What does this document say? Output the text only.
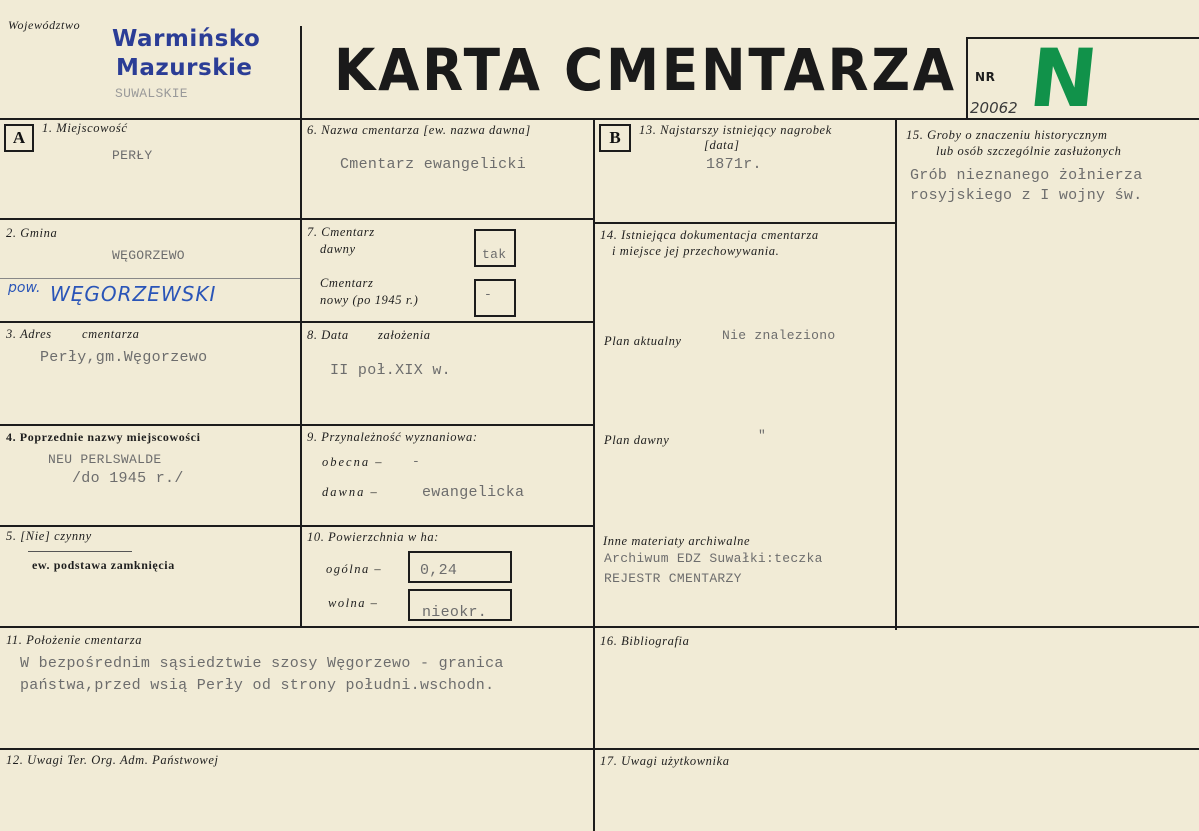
Województwo
Warmińsko
Mazurskie
SUWALSKIE	KARTA CMENTARZA NR N
20062
A	B
1. Miejscowość
PERŁY
2. Gmina
WĘGORZEWO
pow. WĘGORZEWSKI
3. Adres cmentarza
Perły,gm.Węgorzewo
4. Poprzednie nazwy miejscowości
NEU PERLSWALDE
/do 1945 r./
5. [Nie] czynny
ew. podstawa zamknięcia
6. Nazwa cmentarza [ew. nazwa dawna]
Cmentarz ewangelicki
7. Cmentarz
dawny
Cmentarz
nowy (po 1945 r.)
tak
-
8. Data założenia
II poł.XIX w.
9. Przynależność wyznaniowa:
obecna – -
dawna –	ewangelicka
10. Powierzchnia w ha:
ogólna –	0,24
wolna –
nieokr.
11. Położenie cmentarza
W bezpośrednim sąsiedztwie szosy Węgorzewo - granica
państwa,przed wsią Perły od strony południ.wschodn.
12. Uwagi Ter. Org. Adm. Państwowej
13. Najstarszy istniejący nagrobek
[data]
1871r.
14. Istniejąca dokumentacja cmentarza
i miejsce jej przechowywania.
Plan aktualny	Nie znaleziono
Plan dawny	"
Inne materiaty archiwalne
Archiwum EDZ Suwałki:teczka
REJESTR CMENTARZY
15. Groby o znaczeniu historycznym
lub osób szczególnie zasłużonych
Grób nieznanego żołnierza
rosyjskiego z I wojny św.
16. Bibliografia
17. Uwagi użytkownika
